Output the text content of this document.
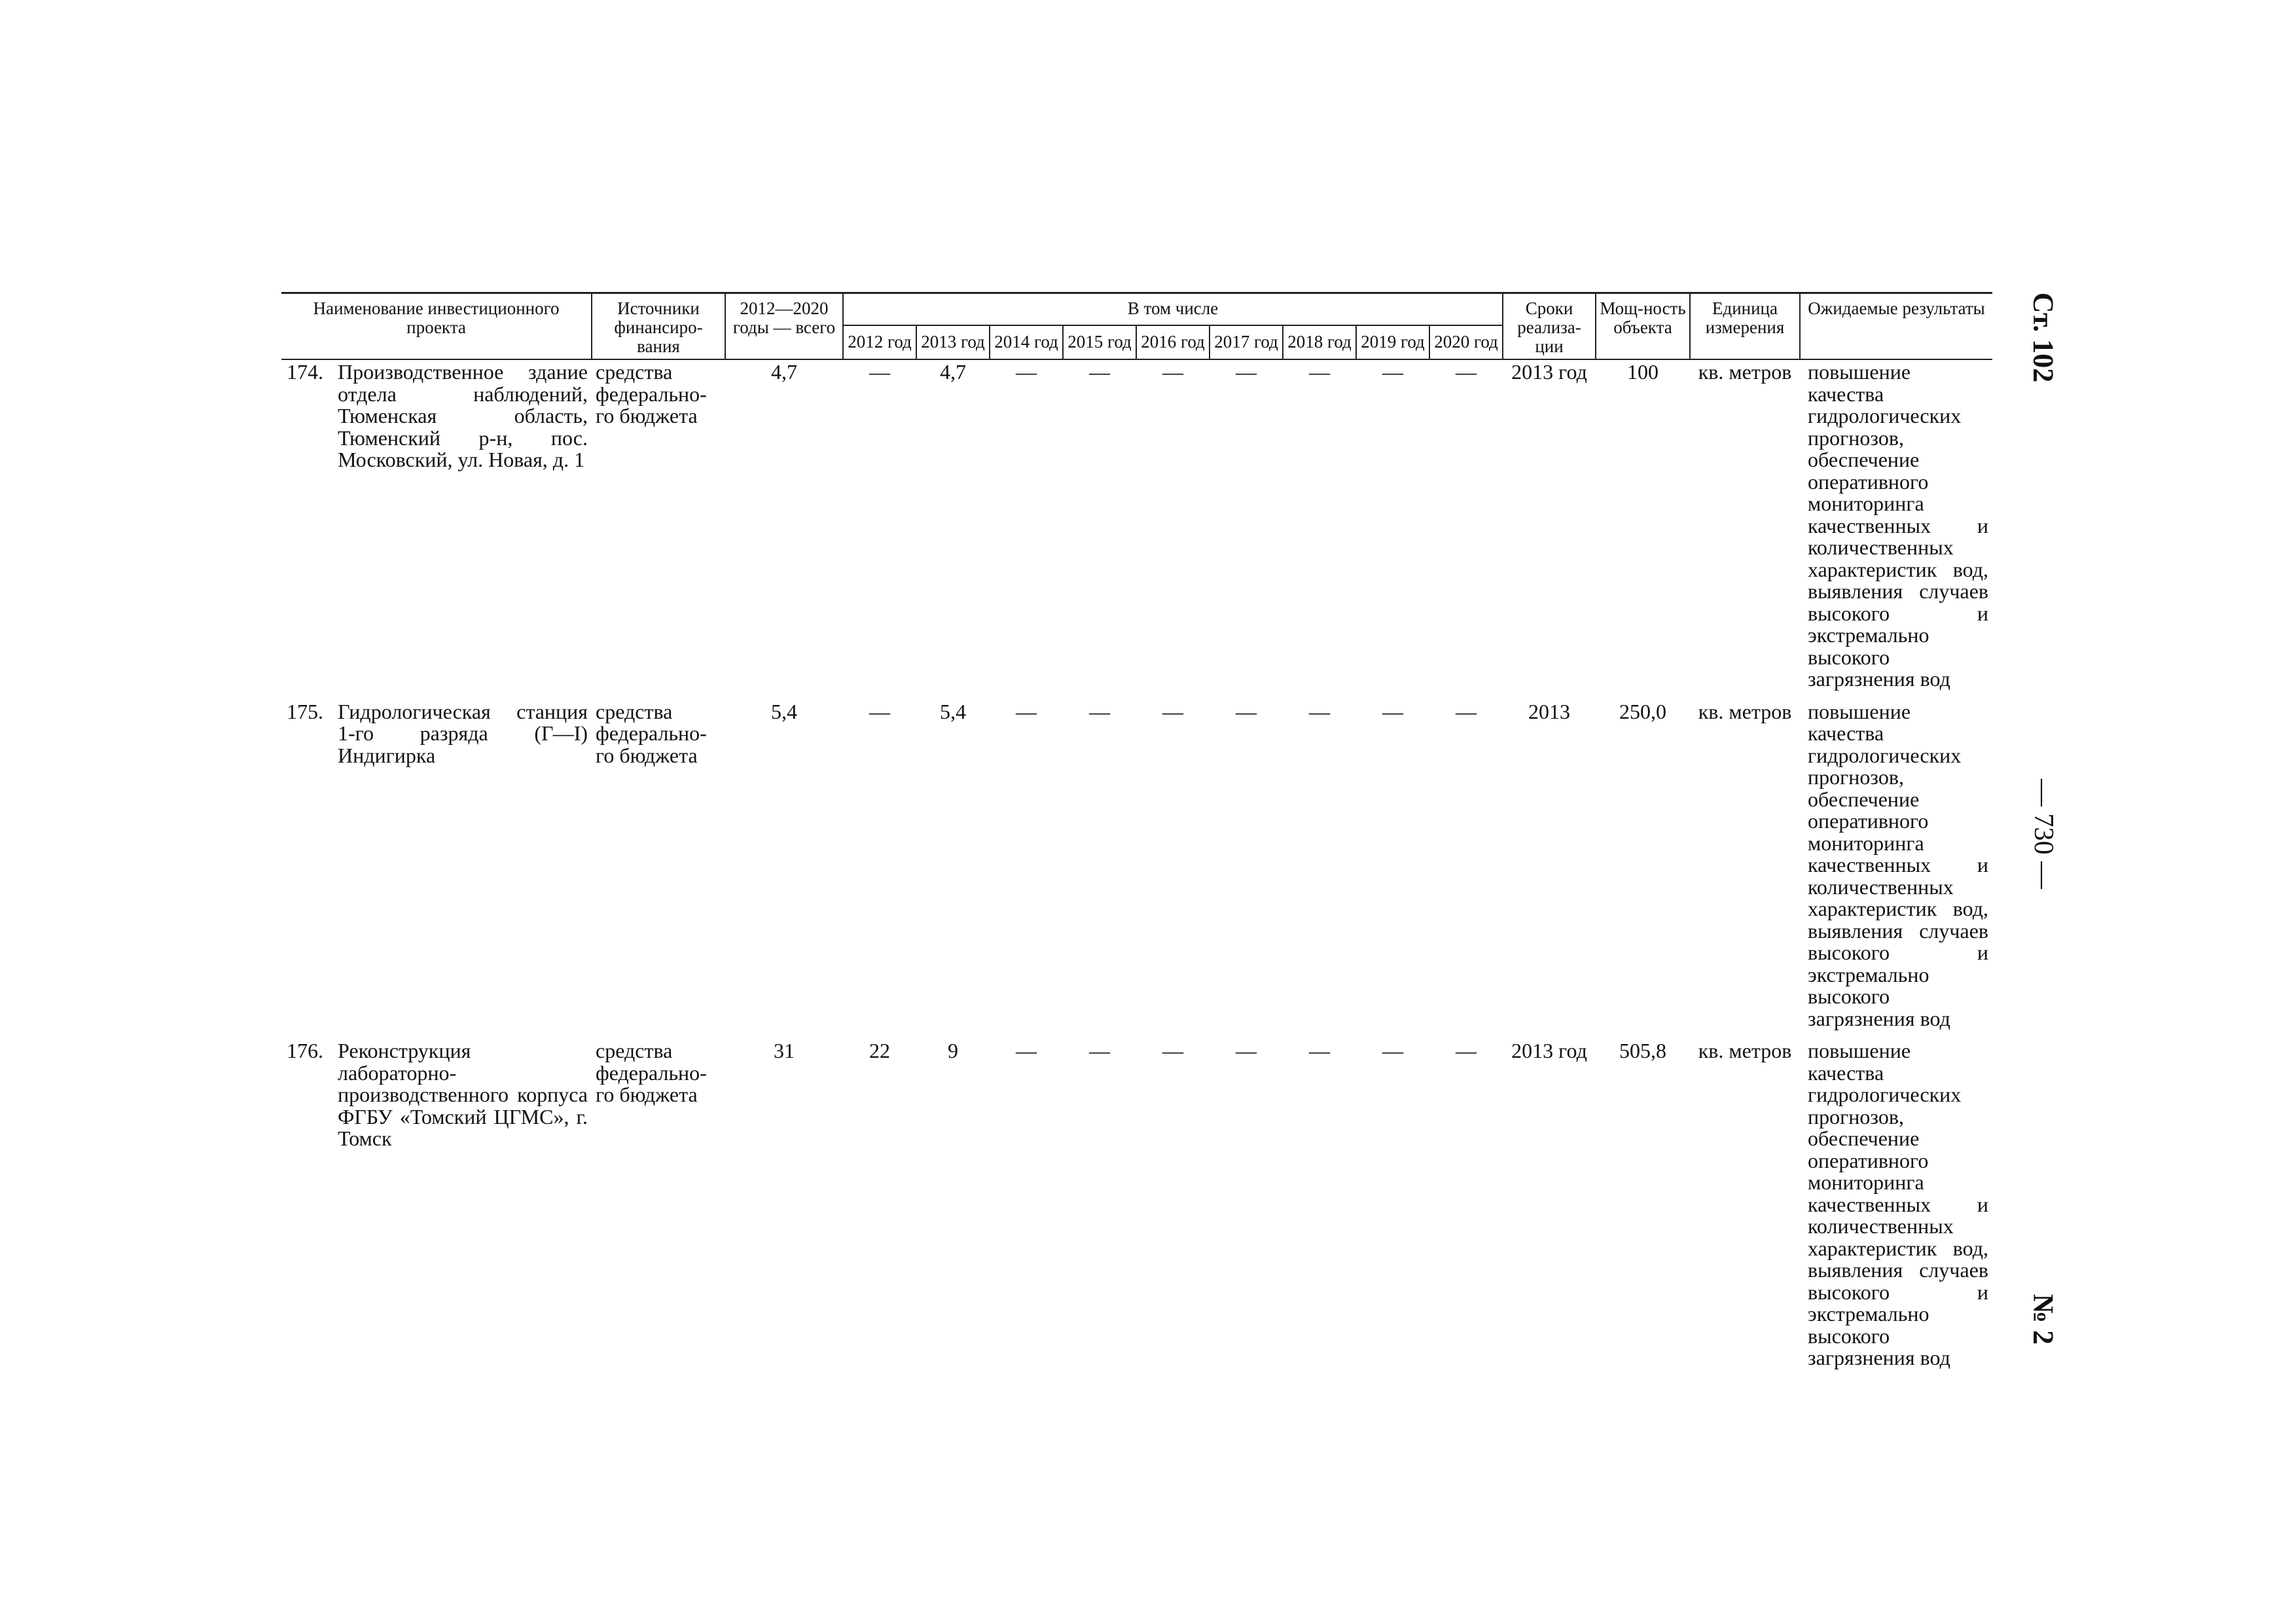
Наименование инвестиционного проекта	Источники финансиро-вания	2012—2020 годы — всего	В том числе									Сроки реализа-ции	Мощ-ность объекта	Единица измерения	Ожидаемые результаты
			2012 год	2013 год	2014 год	2015 год	2016 год	2017 год	2018 год	2019 год	2020 год				

174. Производственное здание отдела наблюдений, Тюменская область, Тюменский р-н, пос. Московский, ул. Новая, д. 1	средства федерально-го бюджета	4,7	—	4,7	—	—	—	—	—	—	—	2013 год	100	кв. метров	повышение качества гидрологических прогнозов, обеспечение оперативного мониторинга качественных и количественных характеристик вод, выявления случаев высокого и экстремально высокого загрязнения вод

175. Гидрологическая станция 1-го разряда (Г—I) Индигирка	средства федерально-го бюджета	5,4	—	5,4	—	—	—	—	—	—	—	2013	250,0	кв. метров	повышение качества гидрологических прогнозов, обеспечение оперативного мониторинга качественных и количественных характеристик вод, выявления случаев высокого и экстремально высокого загрязнения вод

176. Реконструкция лабораторно-производственного корпуса ФГБУ «Томский ЦГМС», г. Томск	средства федерально-го бюджета	31	22	9	—	—	—	—	—	—	—	2013 год	505,8	кв. метров	повышение качества гидрологических прогнозов, обеспечение оперативного мониторинга качественных и количественных характеристик вод, выявления случаев высокого и экстремально высокого загрязнения вод
Ст. 102
— 730 —
№ 2
